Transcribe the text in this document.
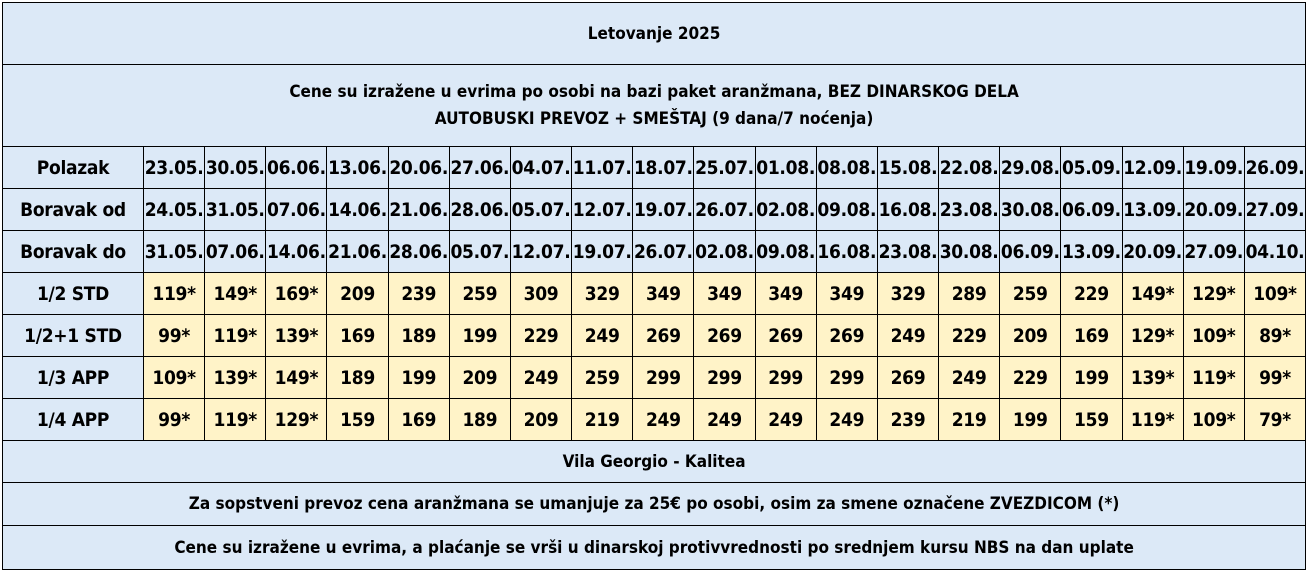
Letovanje 2025																			

Cene su izražene u evrima po osobi na bazi paket aranžmana, BEZ DINARSKOG DELA
AUTOBUSKI PREVOZ + SMEŠTAJ (9 dana/7 noćenja)																			

Polazak	23.05.	30.05.	06.06.	13.06.	20.06.	27.06.	04.07.	11.07.	18.07.	25.07.	01.08.	08.08.	15.08.	22.08.	29.08.	05.09.	12.09.	19.09.	26.09.
Boravak od	24.05.	31.05.	07.06.	14.06.	21.06.	28.06.	05.07.	12.07.	19.07.	26.07.	02.08.	09.08.	16.08.	23.08.	30.08.	06.09.	13.09.	20.09.	27.09.
Boravak do	31.05.	07.06.	14.06.	21.06.	28.06.	05.07.	12.07.	19.07.	26.07.	02.08.	09.08.	16.08.	23.08.	30.08.	06.09.	13.09.	20.09.	27.09.	04.10.
1/2 STD	119*	149*	169*	209	239	259	309	329	349	349	349	349	329	289	259	229	149*	129*	109*
1/2+1 STD	99*	119*	139*	169	189	199	229	249	269	269	269	269	249	229	209	169	129*	109*	89*
1/3 APP	109*	139*	149*	189	199	209	249	259	299	299	299	299	269	249	229	199	139*	119*	99*
1/4 APP	99*	119*	129*	159	169	189	209	219	249	249	249	249	239	219	199	159	119*	109*	79*
Vila Georgio - Kalitea																			
Za sopstveni prevoz cena aranžmana se umanjuje za 25€ po osobi, osim za smene označene ZVEZDICOM (*)																			
Cene su izražene u evrima, a plaćanje se vrši u dinarskoj protivvrednosti po srednjem kursu NBS na dan uplate																			
